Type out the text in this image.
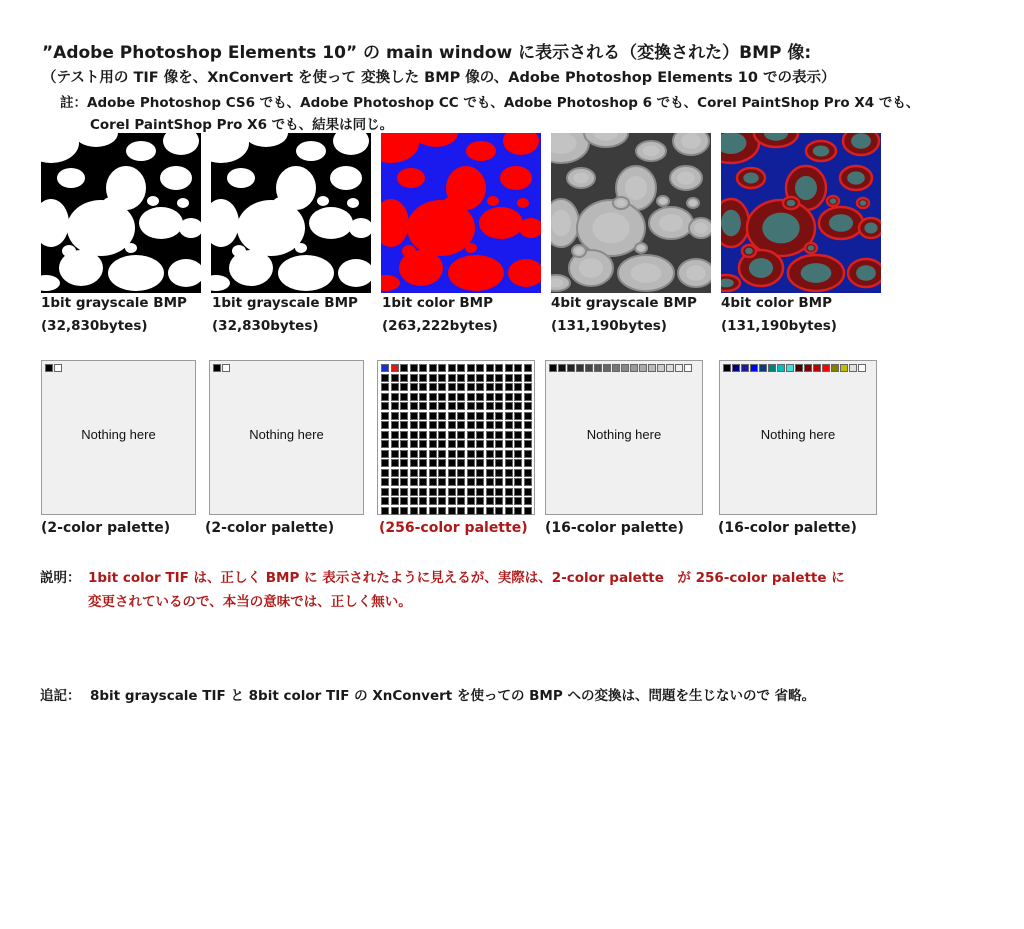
”Adobe Photoshop Elements 10” の main window に表示される（変換された）BMP 像:
（テスト用の TIF 像を、XnConvert を使って 変換した BMP 像の、Adobe Photoshop Elements 10 での表示）
註：Adobe Photoshop CS6 でも、Adobe Photoshop CC でも、Adobe Photoshop 6 でも、Corel PaintShop Pro X4 でも、
Corel PaintShop Pro X6 でも、結果は同じ。
1bit grayscale BMP
(32,830bytes)
1bit grayscale BMP
(32,830bytes)
1bit color BMP
(263,222bytes)
4bit grayscale BMP
(131,190bytes)
4bit color BMP
(131,190bytes)
Nothing here	Nothing here	Nothing here	Nothing here
(2-color palette) (2-color palette)	(256-color palette) (16-color palette) (16-color palette)
説明： 1bit color TIF は、正しく BMP に 表示されたように見えるが、実際は、2-color palette　が 256-color palette に
変更されているので、本当の意味では、正しく無い。
追記： 8bit grayscale TIF と 8bit color TIF の XnConvert を使っての BMP への変換は、問題を生じないので 省略。
